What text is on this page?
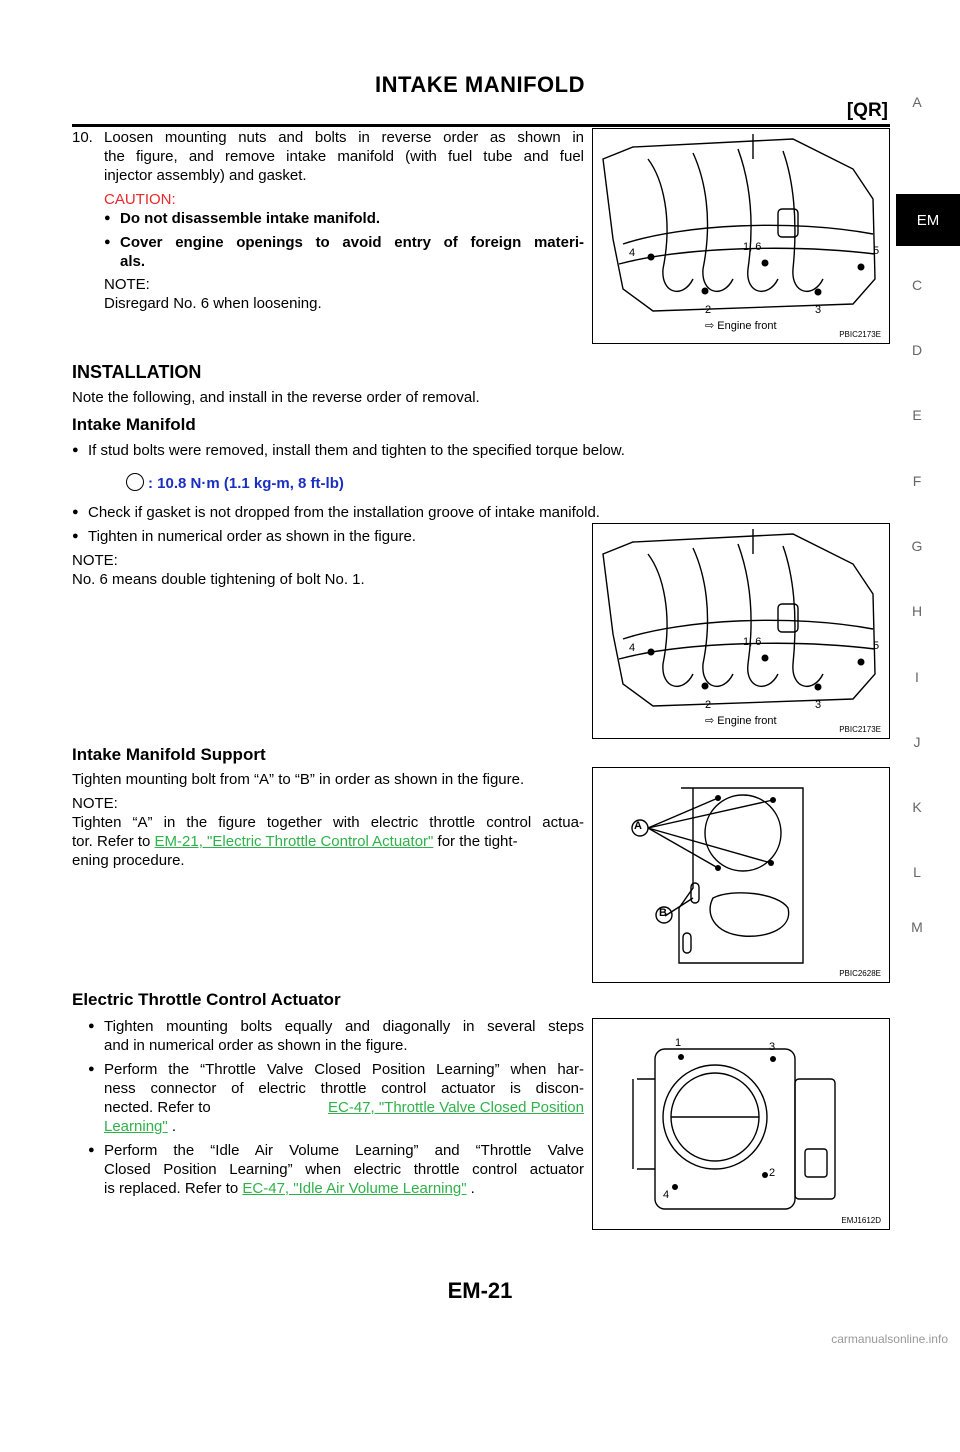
INTAKE MANIFOLD
[QR]	A
EM
C
D
E
F
G
H
I
J
K
L
M
10. Loosen mounting nuts and bolts in reverse order as shown in
the figure, and remove intake manifold (with fuel tube and fuel
injector assembly) and gasket.
CAUTION:
● Do not disassemble intake manifold.
● Cover engine openings to avoid entry of foreign materi-
als.
NOTE:
Disregard No. 6 when loosening.
4
2	3
1, 6	5
⇨ Engine front
PBIC2173E
INSTALLATION
Note the following, and install in the reverse order of removal.
Intake Manifold
● If stud bolts were removed, install them and tighten to the specified torque below.
: 10.8 N·m (1.1 kg-m, 8 ft-lb)
● Check if gasket is not dropped from the installation groove of intake manifold.
● Tighten in numerical order as shown in the figure.
NOTE:
No. 6 means double tightening of bolt No. 1.
4
2	3
1, 6	5
⇨ Engine front
PBIC2173E
Intake Manifold Support
Tighten mounting bolt from “A” to “B” in order as shown in the figure.
NOTE:
Tighten “A” in the figure together with electric throttle control actua-
tor. Refer to EM-21, "Electric Throttle Control Actuator" for the tight-
ening procedure.
A
B
PBIC2628E
Electric Throttle Control Actuator
● Tighten mounting bolts equally and diagonally in several steps
and in numerical order as shown in the figure.
● Perform the “Throttle Valve Closed Position Learning” when har-
ness connector of electric throttle control actuator is discon-
nected. Refer to	EC-47, "Throttle Valve Closed Position
Learning" .
● Perform the “Idle Air Volume Learning” and “Throttle Valve
Closed Position Learning” when electric throttle control actuator
is replaced. Refer to EC-47, "Idle Air Volume Learning" .
1
2
3
4
EMJ1612D
EM-21
carmanualsonline.info
